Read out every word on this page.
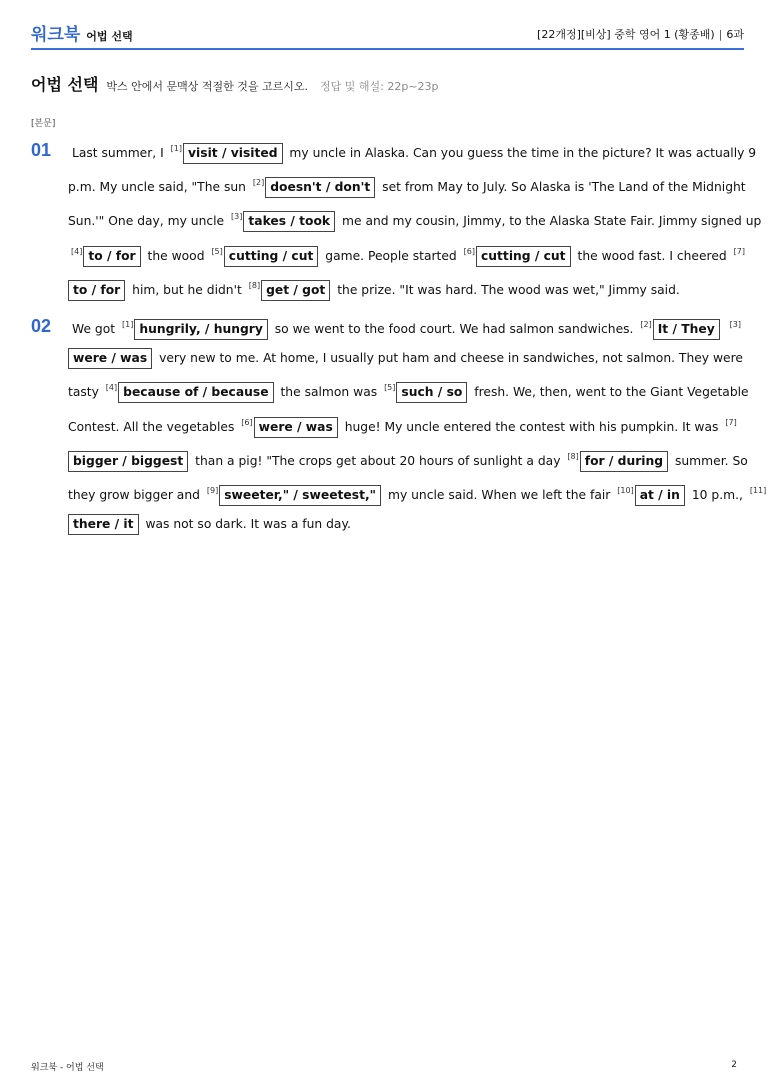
워크북 어법 선택	[22개정][비상] 중학 영어 1 (황종배) | 6과
어법 선택 박스 안에서 문맥상 적절한 것을 고르시오. 정답 및 해설: 22p~23p
[본문]
01	Last summer, I [1] visit / visited my uncle in Alaska. Can you guess the time in the picture? It was actually 9 p.m. My uncle said, "The sun [2] doesn't / don't set from May to July. So Alaska is 'The Land of the Midnight Sun.'" One day, my uncle [3] takes / took me and my cousin, Jimmy, to the Alaska State Fair. Jimmy signed up [4] to / for the wood [5] cutting / cut game. People started [6] cutting / cut the wood fast. I cheered [7]to / for him, but he didn't [8] get / got the prize. "It was hard. The wood was wet," Jimmy said.
02	We got [1] hungrily, / hungry so we went to the food court. We had salmon sandwiches. [2] It / They [3]were / was very new to me. At home, I usually put ham and cheese in sandwiches, not salmon. They were tasty [4] because of / because the salmon was [5] such / so fresh. We, then, went to the Giant Vegetable Contest. All the vegetables [6] were / was huge! My uncle entered the contest with his pumpkin. It was [7]bigger / biggest than a pig! "The crops get about 20 hours of sunlight a day [8] for / during summer. So they grow bigger and [9] sweeter," / sweetest," my uncle said. When we left the fair [10] at / in 10 p.m., [11]there / it was not so dark. It was a fun day.
워크북 - 어법 선택	2
